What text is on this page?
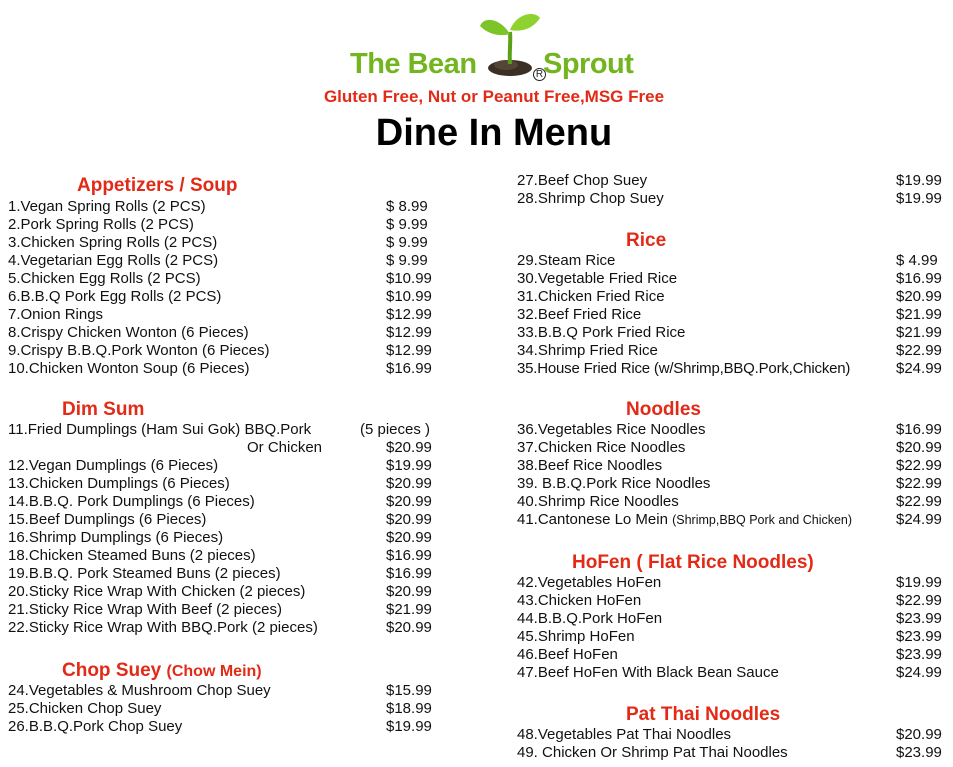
The Bean	R Sprout
Gluten Free, Nut or Peanut Free,MSG Free
Dine In Menu
Appetizers / Soup
1.Vegan Spring Rolls (2 PCS)	$ 8.99
2.Pork Spring Rolls (2 PCS)	$ 9.99
3.Chicken Spring Rolls (2 PCS)	$ 9.99
4.Vegetarian Egg Rolls (2 PCS)	$ 9.99
5.Chicken Egg Rolls (2 PCS)	$10.99
6.B.B.Q Pork Egg Rolls (2 PCS)	$10.99
7.Onion Rings	$12.99
8.Crispy Chicken Wonton (6 Pieces)	$12.99
9.Crispy B.B.Q.Pork Wonton (6 Pieces)	$12.99
10.Chicken Wonton Soup (6 Pieces)	$16.99
Dim Sum
11.Fried Dumplings (Ham Sui Gok) BBQ.Pork	(5 pieces )
Or Chicken	$20.99
12.Vegan Dumplings (6 Pieces)	$19.99
13.Chicken Dumplings (6 Pieces)	$20.99
14.B.B.Q. Pork Dumplings (6 Pieces)	$20.99
15.Beef Dumplings (6 Pieces)	$20.99
16.Shrimp Dumplings (6 Pieces)	$20.99
18.Chicken Steamed Buns (2 pieces)	$16.99
19.B.B.Q. Pork Steamed Buns (2 pieces)	$16.99
20.Sticky Rice Wrap With Chicken (2 pieces)	$20.99
21.Sticky Rice Wrap With Beef (2 pieces)	$21.99
22.Sticky Rice Wrap With BBQ.Pork (2 pieces)	$20.99
Chop Suey (Chow Mein)
24.Vegetables & Mushroom Chop Suey	$15.99
25.Chicken Chop Suey	$18.99
26.B.B.Q.Pork Chop Suey	$19.99
27.Beef Chop Suey	$19.99
28.Shrimp Chop Suey	$19.99
Rice
29.Steam Rice	$ 4.99
30.Vegetable Fried Rice	$16.99
31.Chicken Fried Rice	$20.99
32.Beef Fried Rice	$21.99
33.B.B.Q Pork Fried Rice	$21.99
34.Shrimp Fried Rice	$22.99
35.House Fried Rice (w/Shrimp,BBQ.Pork,Chicken)	$24.99
Noodles
36.Vegetables Rice Noodles	$16.99
37.Chicken Rice Noodles	$20.99
38.Beef Rice Noodles	$22.99
39. B.B.Q.Pork Rice Noodles	$22.99
40.Shrimp Rice Noodles	$22.99
41.Cantonese Lo Mein (Shrimp,BBQ Pork and Chicken)	$24.99
HoFen ( Flat Rice Noodles)
42.Vegetables HoFen	$19.99
43.Chicken HoFen	$22.99
44.B.B.Q.Pork HoFen	$23.99
45.Shrimp HoFen	$23.99
46.Beef HoFen	$23.99
47.Beef HoFen With Black Bean Sauce	$24.99
Pat Thai Noodles
48.Vegetables Pat Thai Noodles	$20.99
49. Chicken Or Shrimp Pat Thai Noodles	$23.99
